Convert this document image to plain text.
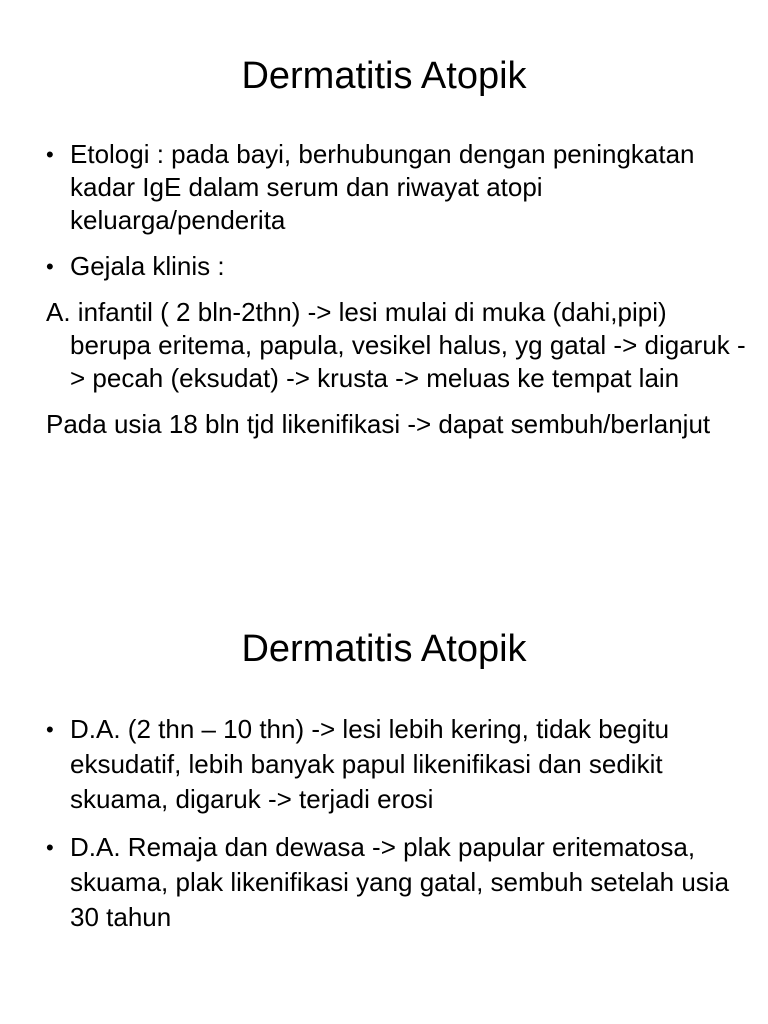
Dermatitis Atopik
• Etologi : pada bayi, berhubungan dengan peningkatan kadar IgE dalam serum dan riwayat atopi keluarga/penderita
• Gejala klinis :
A. infantil ( 2 bln-2thn) -> lesi mulai di muka (dahi,pipi) berupa eritema, papula, vesikel halus, yg gatal -> digaruk -> pecah (eksudat) -> krusta -> meluas ke tempat lain
Pada usia 18 bln tjd likenifikasi -> dapat sembuh/berlanjut
Dermatitis Atopik
• D.A. (2 thn – 10 thn) -> lesi lebih kering, tidak begitu eksudatif, lebih banyak papul likenifikasi dan sedikit skuama, digaruk -> terjadi erosi
• D.A. Remaja dan dewasa -> plak papular eritematosa, skuama, plak likenifikasi yang gatal, sembuh setelah usia 30 tahun
